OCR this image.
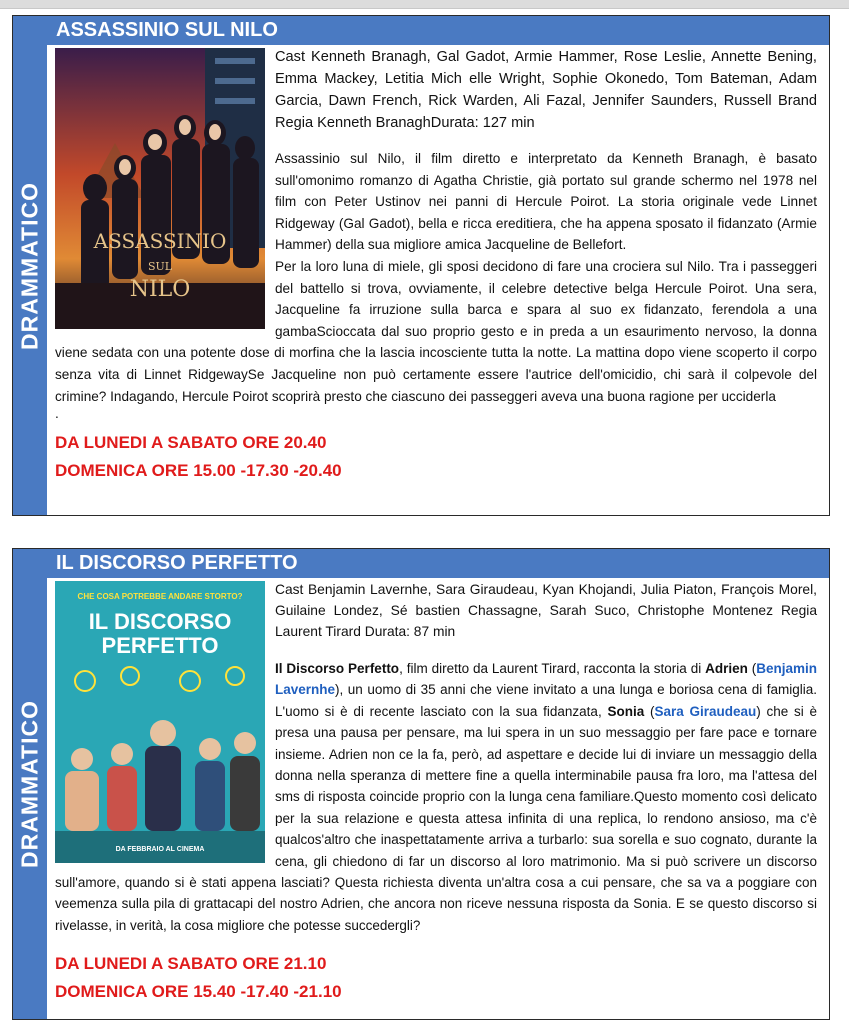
DRAMMATICO
ASSASSINIO SUL NILO
ASSASSINIO
SUL
NILO

Cast Kenneth Branagh, Gal Gadot, Armie Hammer, Rose Leslie, Annette Bening, Emma Mackey, Letitia Mich elle Wright, Sophie Okonedo, Tom Bateman, Adam Garcia, Dawn French, Rick Warden, Ali Fazal, Jennifer Saunders, Russell Brand Regia Kenneth BranaghDurata: 127 min

Assassinio sul Nilo, il film diretto e interpretato da Kenneth Branagh, è basato sull'omonimo romanzo di Agatha Christie, già portato sul grande schermo nel 1978 nel film con Peter Ustinov nei panni di Hercule Poirot. La storia originale vede Linnet Ridgeway (Gal Gadot), bella e ricca ereditiera, che ha appena sposato il fidanzato (Armie Hammer) della sua migliore amica Jacqueline de Bellefort.

Per la loro luna di miele, gli sposi decidono di fare una crociera sul Nilo. Tra i passeggeri del battello si trova, ovviamente, il celebre detective belga Hercule Poirot. Una sera, Jacqueline fa irruzione sulla barca e spara al suo ex fidanzato, ferendola a una gambaScioccata dal suo proprio gesto e in preda a un esaurimento nervoso, la donna viene sedata con una potente dose di morfina che la lascia incosciente tutta la notte. La mattina dopo viene scoperto il corpo senza vita di Linnet RidgewaySe Jacqueline non può certamente essere l'autrice dell'omicidio, chi sarà il colpevole del crimine? Indagando, Hercule Poirot scoprirà presto che ciascuno dei passeggeri aveva una buona ragione per ucciderla

.

DA LUNEDI A SABATO ORE 20.40
DOMENICA ORE 15.00 -17.30 -20.40
DRAMMATICO
IL DISCORSO PERFETTO
CHE COSA POTREBBE ANDARE STORTO?
IL DISCORSO
PERFETTO
DA FEBBRAIO AL CINEMA

Cast Benjamin Lavernhe, Sara Giraudeau, Kyan Khojandi, Julia Piaton, François Morel, Guilaine Londez, Sé bastien Chassagne, Sarah Suco, Christophe Montenez Regia Laurent Tirard Durata: 87 min

Il Discorso Perfetto, film diretto da Laurent Tirard, racconta la storia di Adrien (Benjamin Lavernhe), un uomo di 35 anni che viene invitato a una lunga e boriosa cena di famiglia. L'uomo si è di recente lasciato con la sua fidanzata, Sonia (Sara Giraudeau) che si è presa una pausa per pensare, ma lui spera in un suo messaggio per fare pace e tornare insieme. Adrien non ce la fa, però, ad aspettare e decide lui di inviare un messaggio della donna nella speranza di mettere fine a quella interminabile pausa fra loro, ma l'attesa del sms di risposta coincide proprio con la lunga cena familiare.Questo momento così delicato per la sua relazione e questa attesa infinita di una replica, lo rendono ansioso, ma c'è qualcos'altro che inaspettatamente arriva a turbarlo: sua sorella e suo cognato, durante la cena, gli chiedono di far un discorso al loro matrimonio. Ma si può scrivere un discorso sull'amore, quando si è stati appena lasciati? Questa richiesta diventa un'altra cosa a cui pensare, che sa va a poggiare con veemenza sulla pila di grattacapi del nostro Adrien, che ancora non riceve nessuna risposta da Sonia. E se questo discorso si rivelasse, in verità, la cosa migliore che potesse succedergli?

DA LUNEDI A SABATO ORE 21.10
DOMENICA ORE 15.40 -17.40 -21.10
